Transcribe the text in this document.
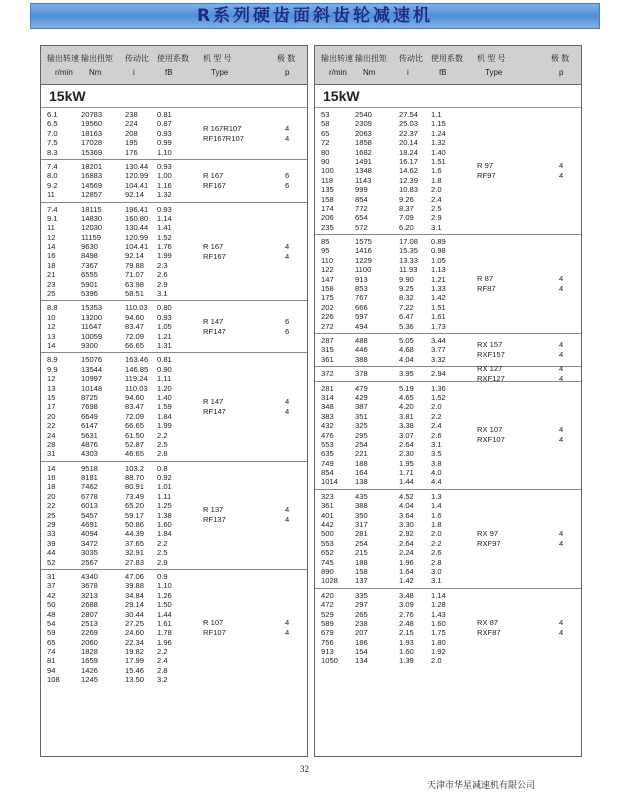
R系列硬齿面斜齿轮减速机
输出转速
r/min
输出扭矩
Nm
传动比
i
使用系数
fB
机 型 号
Type
极 数
p
15kW
6.1	20783	238	0.81
6.5	19560	224	0.87
7.0	18163	208	0.93
7.5	17028	195	0.99
8.3	15369	176	1.10
R 167R107	4
RF167R107	4
7.4	18201	130.44 0.93
8.0	16883	120.99 1.00
9.2	14569	104.41 1.16
11	12857	92.14 1.32
R 167	6
RF167	6
7.4	18115	196.41 0.93
9.1	14830	160.80 1.14
11	12030	130.44 1.41
12	11159	120.99 1.52
14	9630	104.41 1.76
16	8498	92.14 1.99
18	7367	79.88 2.3
21	6555	71.07 2.6
23	5901	63.98 2.9
25	5396	58.51 3.1
R 167	4
RF167	4
8.8	15353	110.03 0.80
10	13200	94.60 0.93
12	11647	83.47 1.05
13	10059	72.09 1.21
14	9300	66.65 1.31
R 147	6
RF147	6
8.9	15076	163.46 0.81
9.9	13544	146.85 0.90
12	10997	119.24 1.11
13	10148	110.03 1.20
15	8725	94.60 1.40
17	7698	83.47 1.59
20	6649	72.09 1.84
22	6147	66.65 1.99
24	5631	61.50 2.2
28	4876	52.87 2.5
31	4303	46.65 2.8
R 147	4
RF147	4
14	9518	103.2 0.8
16	8181	88.70 0.92
18	7462	80.91 1.01
20	6778	73.49 1.11
22	6013	65.20 1.25
25	5457	59.17 1.38
29	4691	50.86 1.60
33	4094	44.39 1.84
39	3472	37.65 2.2
44	3035	32.91 2.5
52	2567	27.83 2.9
R 137	4
RF137	4
31	4340	47.06 0.9
37	3678	39.88 1.10
42	3213	34.84 1.26
50	2688	29.14 1.50
48	2807	30.44 1.44
54	2513	27.25 1.61
59	2269	24.60 1.78
65	2060	22.34 1.96
74	1828	19.82 2.2
81	1659	17.99 2.4
94	1426	15.46 2.8
108	1245	13.50 3.2
R 107	4
RF107	4
输出转速
r/min
输出扭矩
Nm
传动比
i
使用系数
fB
机 型 号
Type
极 数
p
15kW
53	2540	27.54 1.1
58	2309	25.03 1.15
65	2063	22.37 1.24
72	1858	20.14 1.32
80	1682	18.24 1.40
90	1491	16.17 1.51
100	1348	14.62 1.6
118	1143	12.39 1.8
135	999	10.83 2.0
158	854	9.26 2.4
174	772	8.37 2.5
206	654	7.09 2.9
235	572	6.20 3.1
R 97	4
RF97	4
85	1575	17.08 0.89
95	1416	15.35 0.98
110	1229	13.33 1.05
122	1100	11.93 1.13
147	913	9.90 1.21
158	853	9.25 1.33
175	767	8.32 1.42
202	666	7.22 1.51
226	597	6.47 1.61
272	494	5.36 1.73
R 87	4
RF87	4
287	488	5.05 3.44
315	446	4.68 3.77
361	388	4.04 3.32
RX 157	4
RXF157	4
372	378	3.95 2.94
RX 127	4
RXF127	4
281	479	5.19 1.36
314	429	4.65 1.52
348	387	4.20 2.0
383	351	3.81 2.2
432	325	3.38 2.4
476	295	3.07 2.6
553	254	2.64 3.1
635	221	2.30 3.5
749	188	1.95 3.8
854	164	1.71 4.0
1014 138	1.44 4.4
RX 107	4
RXF107	4
323	435	4.52 1.3
361	388	4.04 1.4
401	350	3.64 1.6
442	317	3.30 1.8
500	281	2.92 2.0
553	254	2.64 2.2
652	215	2.24 2.6
745	188	1.96 2.8
890	158	1.64 3.0
1028 137	1.42 3.1
RX 97	4
RXF97	4
420	335	3.48 1.14
472	297	3.09 1.28
529	265	2.76 1.43
589	238	2.48 1.60
679	207	2.15 1.75
756	186	1.93 1.80
913	154	1.60 1.92
1050 134	1.39 2.0
RX 87	4
RXF87	4
32
天津市华星减速机有限公司
